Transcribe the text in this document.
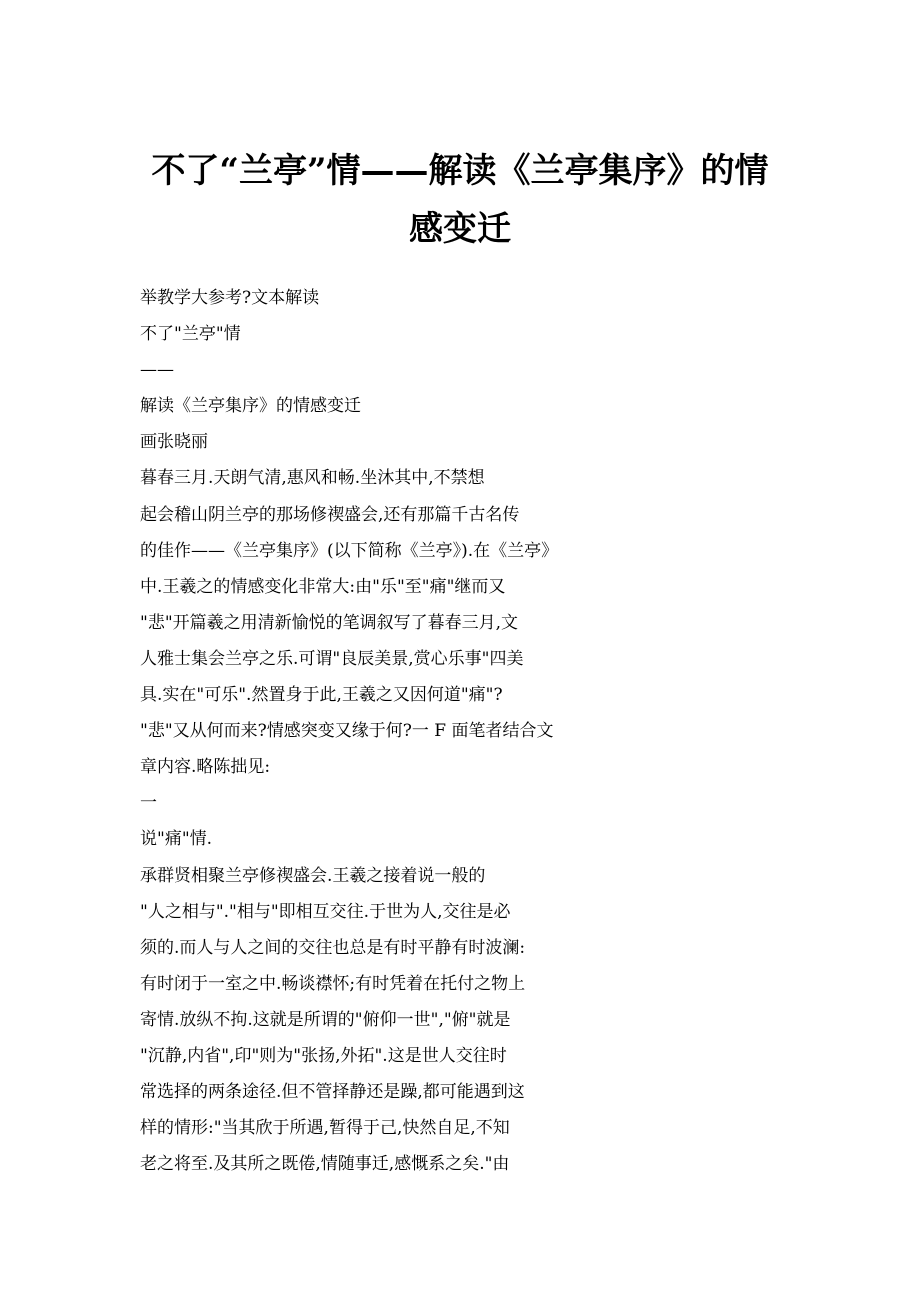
不了“兰亭”情——解读《兰亭集序》的情
感变迁
举教学大参考?文本解读
不了"兰亭"情
——
解读《兰亭集序》的情感变迁
画张晓丽
暮春三月.天朗气清,惠风和畅.坐沐其中,不禁想
起会稽山阴兰亭的那场修禊盛会,还有那篇千古名传
的佳作——《兰亭集序》(以下简称《兰亭》).在《兰亭》
中.王羲之的情感变化非常大:由"乐"至"痛"继而又
"悲"开篇羲之用清新愉悦的笔调叙写了暮春三月,文
人雅士集会兰亭之乐.可谓"良辰美景,赏心乐事"四美
具.实在"可乐".然置身于此,王羲之又因何道"痛"?
"悲"又从何而来?情感突变又缘于何?一 F 面笔者结合文
章内容.略陈拙见:
一
说"痛"情.
承群贤相聚兰亭修禊盛会.王羲之接着说一般的
"人之相与"."相与"即相互交往.于世为人,交往是必
须的.而人与人之间的交往也总是有时平静有时波澜:
有时闭于一室之中.畅谈襟怀;有时凭着在托付之物上
寄情.放纵不拘.这就是所谓的"俯仰一世","俯"就是
"沉静,内省",印"则为"张扬,外拓".这是世人交往时
常选择的两条途径.但不管择静还是躁,都可能遇到这
样的情形:"当其欣于所遇,暂得于己,快然自足,不知
老之将至.及其所之既倦,情随事迁,感慨系之矣."由
